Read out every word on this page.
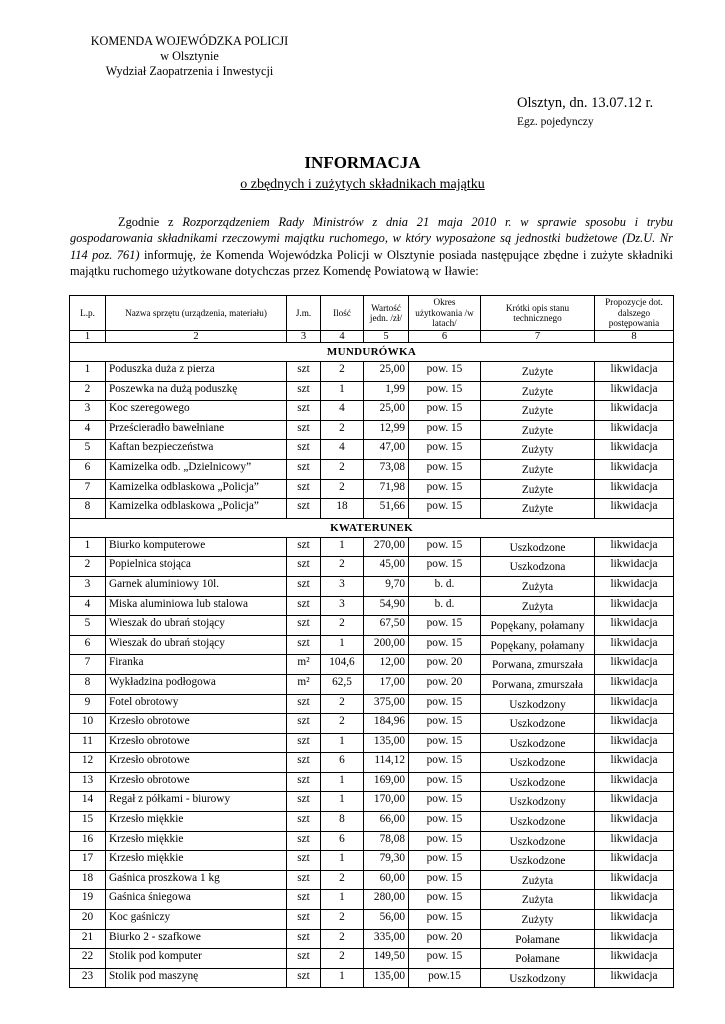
KOMENDA WOJEWÓDZKA POLICJI
w Olsztynie
Wydział Zaopatrzenia i Inwestycji
Olsztyn, dn. 13.07.12 r.
Egz. pojedynczy
INFORMACJA
o zbędnych i zużytych składnikach majątku

Zgodnie z Rozporządzeniem Rady Ministrów z dnia 21 maja 2010 r. w sprawie sposobu i trybu gospodarowania składnikami rzeczowymi majątku ruchomego, w który wyposażone są jednostki budżetowe (Dz.U. Nr 114 poz. 761) informuję, że Komenda Wojewódzka Policji w Olsztynie posiada następujące zbędne i zużyte składniki majątku ruchomego użytkowane dotychczas przez Komendę Powiatową w Iławie:

L.p.	Nazwa sprzętu (urządzenia, materiału)	J.m.	Ilość	Wartość jedn. /zł/	Okres użytkowania /w latach/	Krótki opis stanu technicznego	Propozycje dot. dalszego postępowania
1	2	3	4	5	6	7	8
MUNDURÓWKA							
1	Poduszka duża z pierza	szt	2	25,00	pow. 15	Zużyte	likwidacja
2	Poszewka na dużą poduszkę	szt	1	1,99	pow. 15	Zużyte	likwidacja
3	Koc szeregowego	szt	4	25,00	pow. 15	Zużyte	likwidacja
4	Prześcieradło bawełniane	szt	2	12,99	pow. 15	Zużyte	likwidacja
5	Kaftan bezpieczeństwa	szt	4	47,00	pow. 15	Zużyty	likwidacja
6	Kamizelka odb. „Dzielnicowy”	szt	2	73,08	pow. 15	Zużyte	likwidacja
7	Kamizelka odblaskowa „Policja”	szt	2	71,98	pow. 15	Zużyte	likwidacja
8	Kamizelka odblaskowa „Policja”	szt	18	51,66	pow. 15	Zużyte	likwidacja
KWATERUNEK							
1	Biurko komputerowe	szt	1	270,00	pow. 15	Uszkodzone	likwidacja
2	Popielnica stojąca	szt	2	45,00	pow. 15	Uszkodzona	likwidacja
3	Garnek aluminiowy 10l.	szt	3	9,70	b. d.	Zużyta	likwidacja
4	Miska aluminiowa lub stalowa	szt	3	54,90	b. d.	Zużyta	likwidacja
5	Wieszak do ubrań stojący	szt	2	67,50	pow. 15	Popękany, połamany	likwidacja
6	Wieszak do ubrań stojący	szt	1	200,00	pow. 15	Popękany, połamany	likwidacja
7	Firanka	m²	104,6	12,00	pow. 20	Porwana, zmurszała	likwidacja
8	Wykładzina podłogowa	m²	62,5	17,00	pow. 20	Porwana, zmurszała	likwidacja
9	Fotel obrotowy	szt	2	375,00	pow. 15	Uszkodzony	likwidacja
10	Krzesło obrotowe	szt	2	184,96	pow. 15	Uszkodzone	likwidacja
11	Krzesło obrotowe	szt	1	135,00	pow. 15	Uszkodzone	likwidacja
12	Krzesło obrotowe	szt	6	114,12	pow. 15	Uszkodzone	likwidacja
13	Krzesło obrotowe	szt	1	169,00	pow. 15	Uszkodzone	likwidacja
14	Regał z półkami - biurowy	szt	1	170,00	pow. 15	Uszkodzony	likwidacja
15	Krzesło miękkie	szt	8	66,00	pow. 15	Uszkodzone	likwidacja
16	Krzesło miękkie	szt	6	78,08	pow. 15	Uszkodzone	likwidacja
17	Krzesło miękkie	szt	1	79,30	pow. 15	Uszkodzone	likwidacja
18	Gaśnica proszkowa 1 kg	szt	2	60,00	pow. 15	Zużyta	likwidacja
19	Gaśnica śniegowa	szt	1	280,00	pow. 15	Zużyta	likwidacja
20	Koc gaśniczy	szt	2	56,00	pow. 15	Zużyty	likwidacja
21	Biurko 2 - szafkowe	szt	2	335,00	pow. 20	Połamane	likwidacja
22	Stolik pod komputer	szt	2	149,50	pow. 15	Połamane	likwidacja
23	Stolik pod maszynę	szt	1	135,00	pow.15	Uszkodzony	likwidacja
